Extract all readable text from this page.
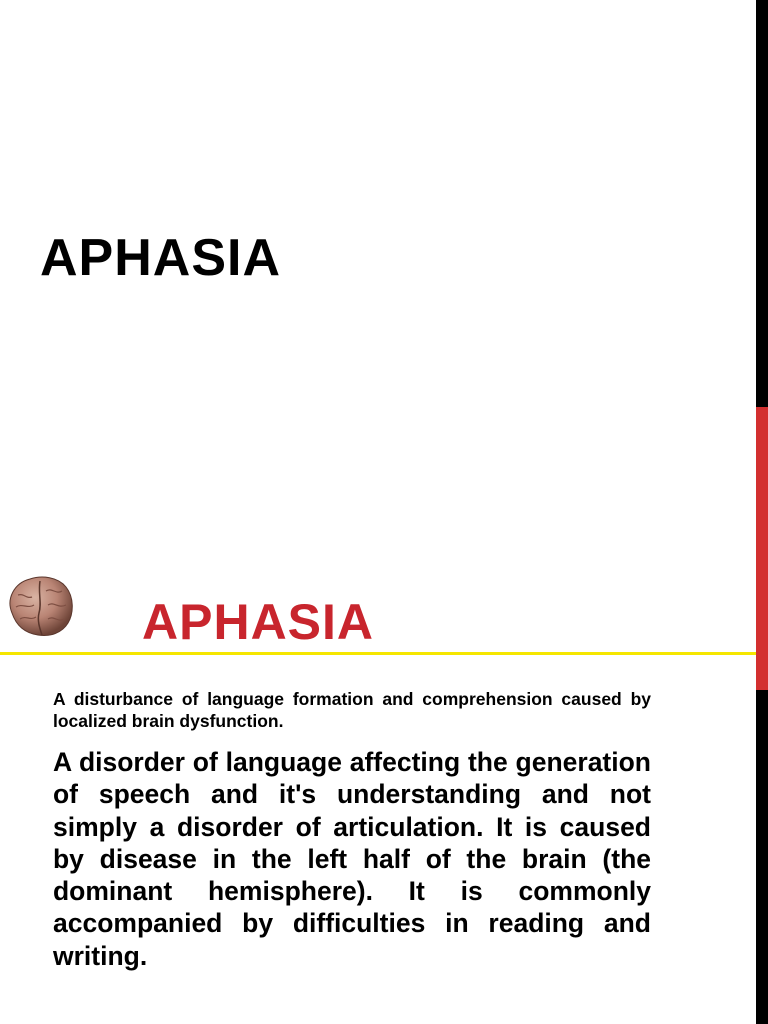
APHASIA
APHASIA

A disturbance of language formation and comprehension caused by localized brain dysfunction.

A disorder of language affecting the generation of speech and it's understanding and not simply a disorder of articulation. It is caused by disease in the left half of the brain (the dominant hemisphere). It is commonly accompanied by difficulties in reading and writing.
